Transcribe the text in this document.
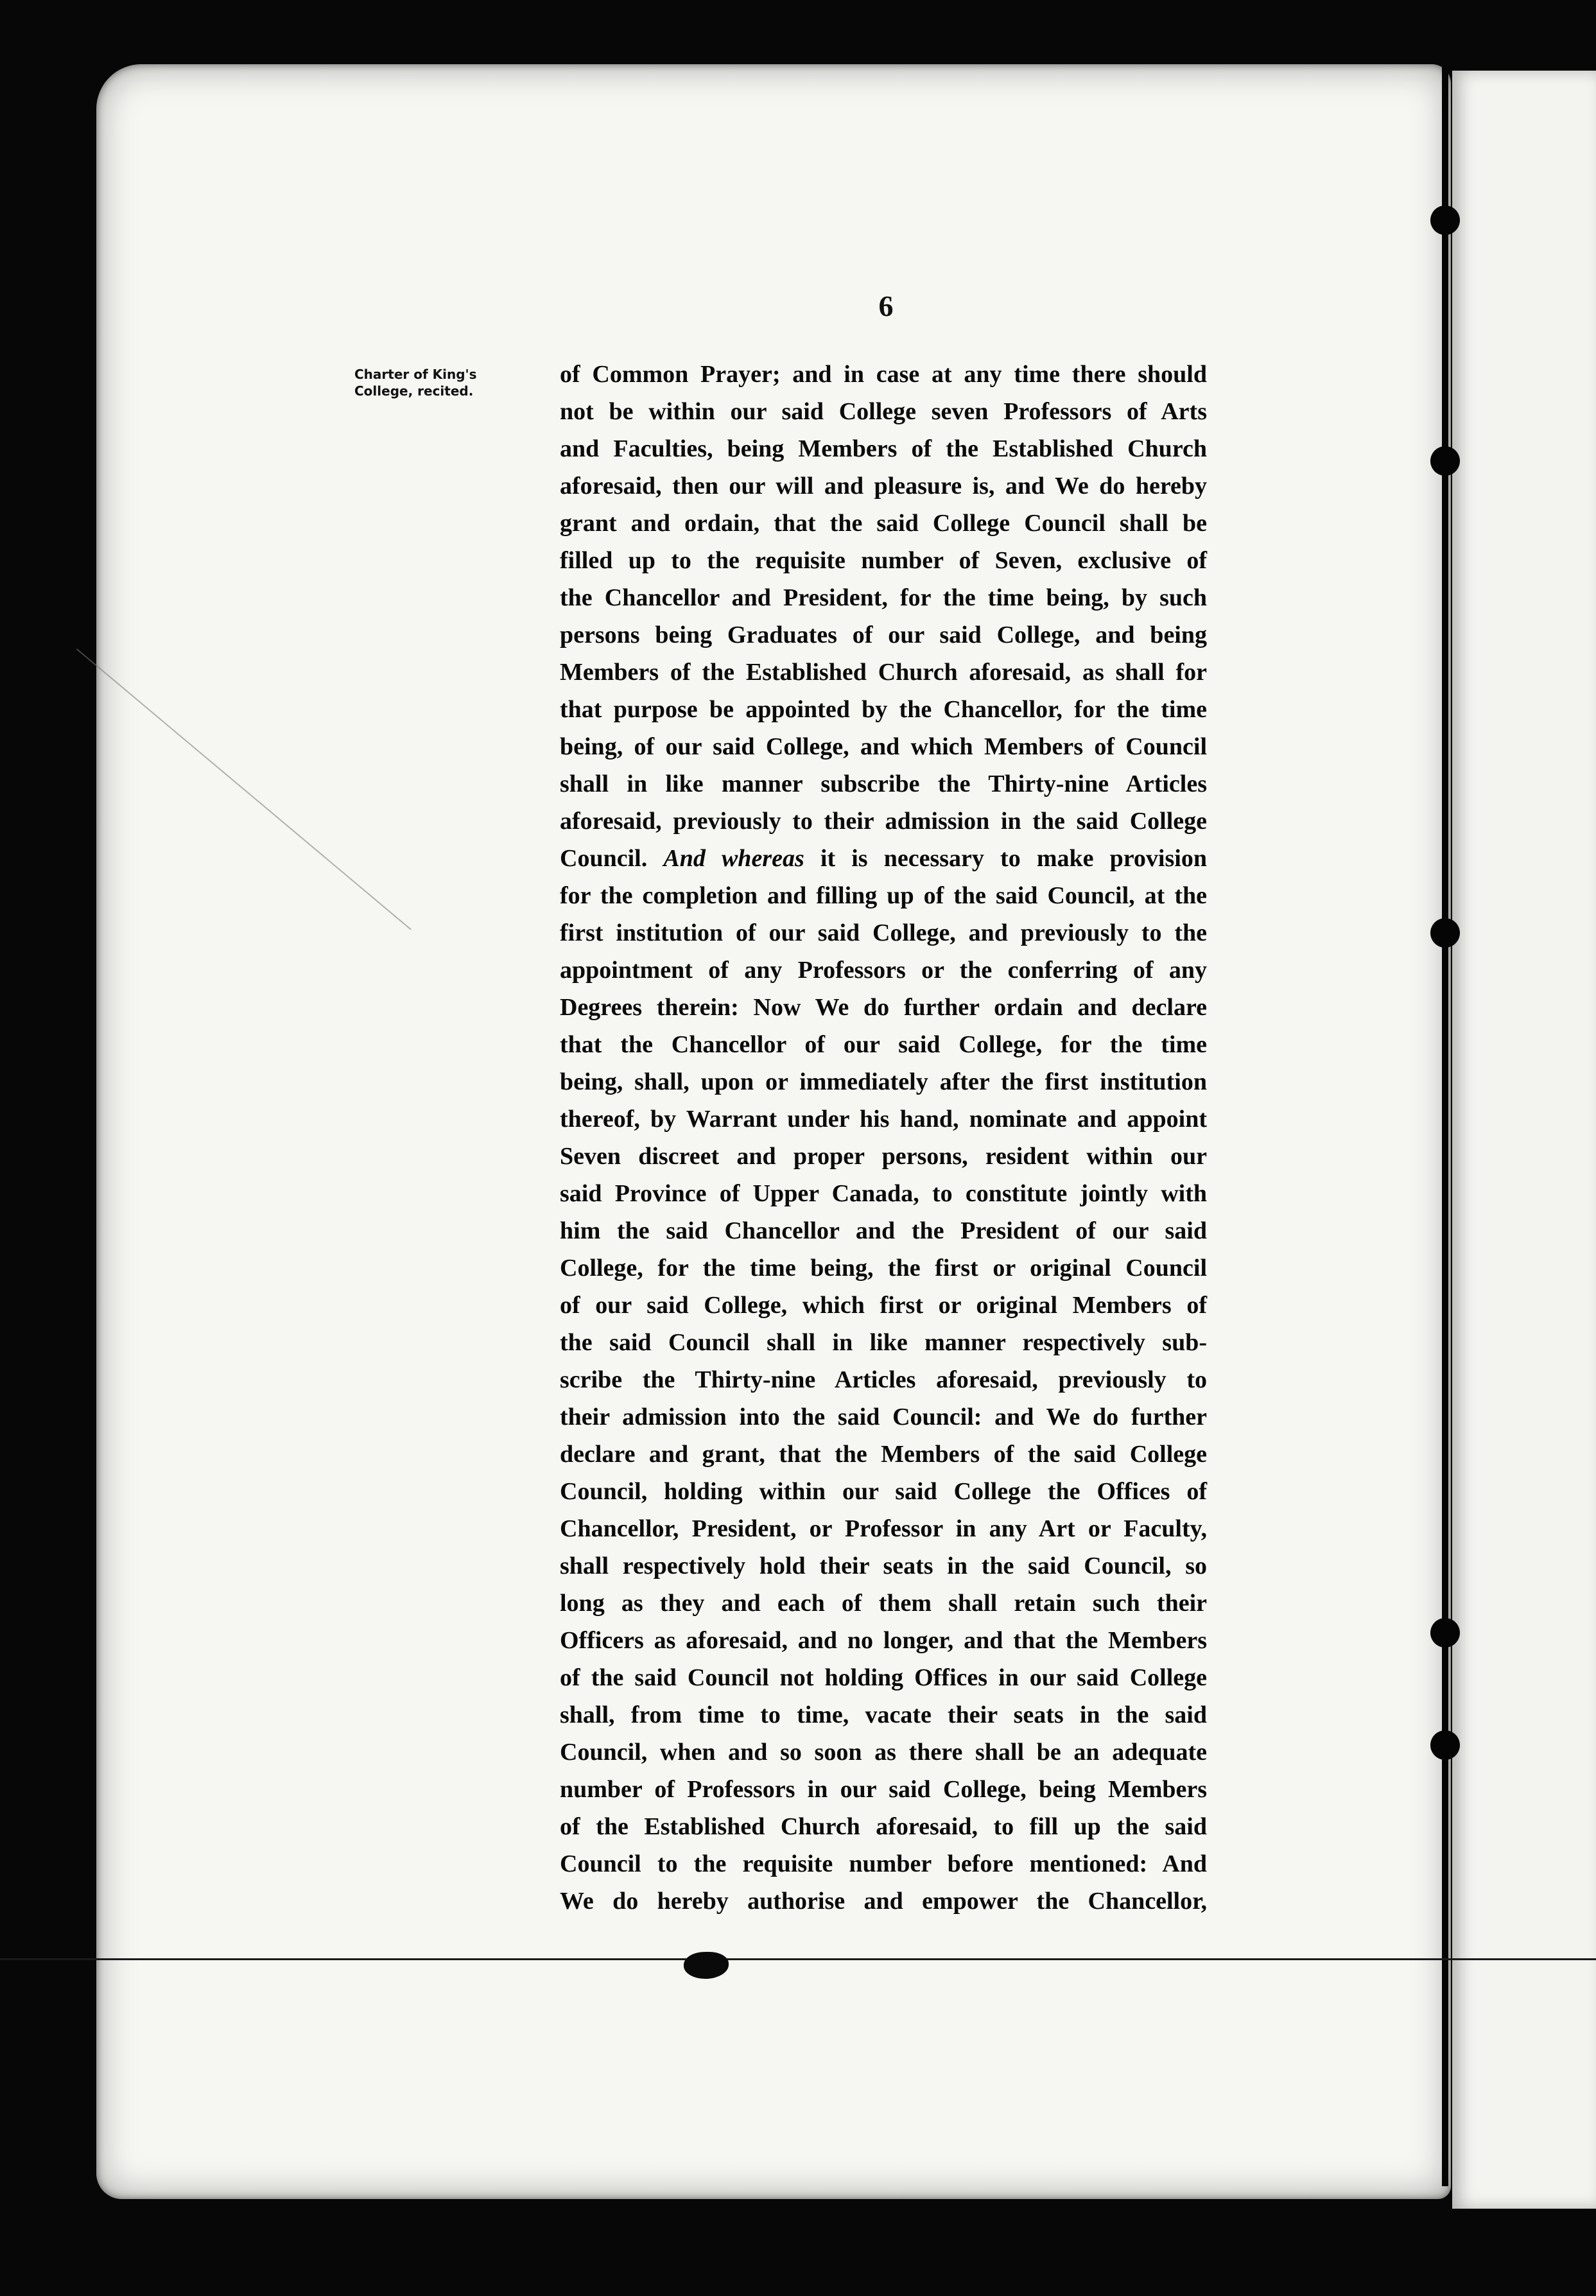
6
Charter of King's
College, recited.
of Common Prayer; and in case at any time there should
not be within our said College seven Professors of Arts
and Faculties, being Members of the Established Church
aforesaid, then our will and pleasure is, and We do hereby
grant and ordain, that the said College Council shall be
filled up to the requisite number of Seven, exclusive of
the Chancellor and President, for the time being, by such
persons being Graduates of our said College, and being
Members of the Established Church aforesaid, as shall for
that purpose be appointed by the Chancellor, for the time
being, of our said College, and which Members of Council
shall in like manner subscribe the Thirty-nine Articles
aforesaid, previously to their admission in the said College
Council. And whereas it is necessary to make provision
for the completion and filling up of the said Council, at the
first institution of our said College, and previously to the
appointment of any Professors or the conferring of any
Degrees therein: Now We do further ordain and declare
that the Chancellor of our said College, for the time
being, shall, upon or immediately after the first institution
thereof, by Warrant under his hand, nominate and appoint
Seven discreet and proper persons, resident within our
said Province of Upper Canada, to constitute jointly with
him the said Chancellor and the President of our said
College, for the time being, the first or original Council
of our said College, which first or original Members of
the said Council shall in like manner respectively sub-
scribe the Thirty-nine Articles aforesaid, previously to
their admission into the said Council: and We do further
declare and grant, that the Members of the said College
Council, holding within our said College the Offices of
Chancellor, President, or Professor in any Art or Faculty,
shall respectively hold their seats in the said Council, so
long as they and each of them shall retain such their
Officers as aforesaid, and no longer, and that the Members
of the said Council not holding Offices in our said College
shall, from time to time, vacate their seats in the said
Council, when and so soon as there shall be an adequate
number of Professors in our said College, being Members
of the Established Church aforesaid, to fill up the said
Council to the requisite number before mentioned: And
We do hereby authorise and empower the Chancellor,
